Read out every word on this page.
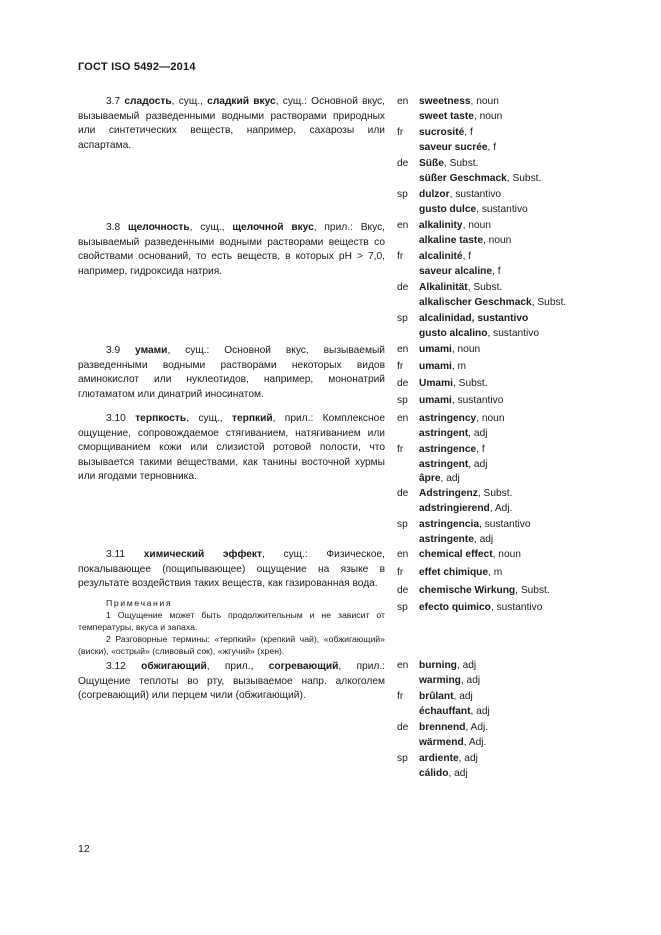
ГОСТ ISO 5492—2014

3.7 сладость, сущ., сладкий вкус, сущ.: Основной вкус, вызываемый разведенными водными растворами природных или синтетических веществ, например, сахарозы или аспартама.

3.8 щелочность, сущ., щелочной вкус, прил.: Вкус, вызываемый разведенными водными растворами веществ со свойствами оснований, то есть веществ, в которых pH > 7,0, например, гидроксида натрия.

3.9 умами, сущ.: Основной вкус, вызываемый разведенными водными растворами некоторых видов аминокислот или нуклеотидов, например, мононатрий глютаматом или динатрий иносинатом.

3.10 терпкость, сущ., терпкий, прил.: Комплексное ощущение, сопровождаемое стягиванием, натягиванием или сморщиванием кожи или слизистой ротовой полости, что вызывается такими веществами, как танины восточной хурмы или ягодами терновника.

3.11 химический эффект, сущ.: Физическое, покалывающее (пощипывающее) ощущение на языке в результате воздействия таких веществ, как газированная вода.

Примечания

1 Ощущение может быть продолжительным и не зависит от температуры, вкуса и запаха.

2 Разговорные термины: «терпкий» (крепкий чай), «обжигающий» (виски), «острый» (сливовый сок), «жгучий» (хрен).

3.12 обжигающий, прил., согревающий, прил.: Ощущение теплоты во рту, вызываемое напр. алкоголем (согревающий) или перцем чили (обжигающий).

en sweetness, noun
sweet taste, noun
fr sucrosité, f
saveur sucrée, f
de Süße, Subst.
süßer Geschmack, Subst.
sp dulzor, sustantivo
gusto dulce, sustantivo
en alkalinity, noun
alkaline taste, noun
fr alcalinité, f
saveur alcaline, f
de Alkalinität, Subst.
alkalischer Geschmack, Subst.
sp alcalinidad, sustantivo
gusto alcalino, sustantivo
en umami, noun
fr umami, m
de Umami, Subst.
sp umami, sustantivo
en astringency, noun
astringent, adj
fr astringence, f
astringent, adj
âpre, adj
de Adstringenz, Subst.
adstringierend, Adj.
sp astringencia, sustantivo
astringente, adj
en chemical effect, noun
fr effet chimique, m
de chemische Wirkung, Subst.
sp efecto quimico, sustantivo
en burning, adj
warming, adj
fr brûlant, adj
échauffant, adj
de brennend, Adj.
wärmend, Adj.
sp ardiente, adj
cálido, adj
12
